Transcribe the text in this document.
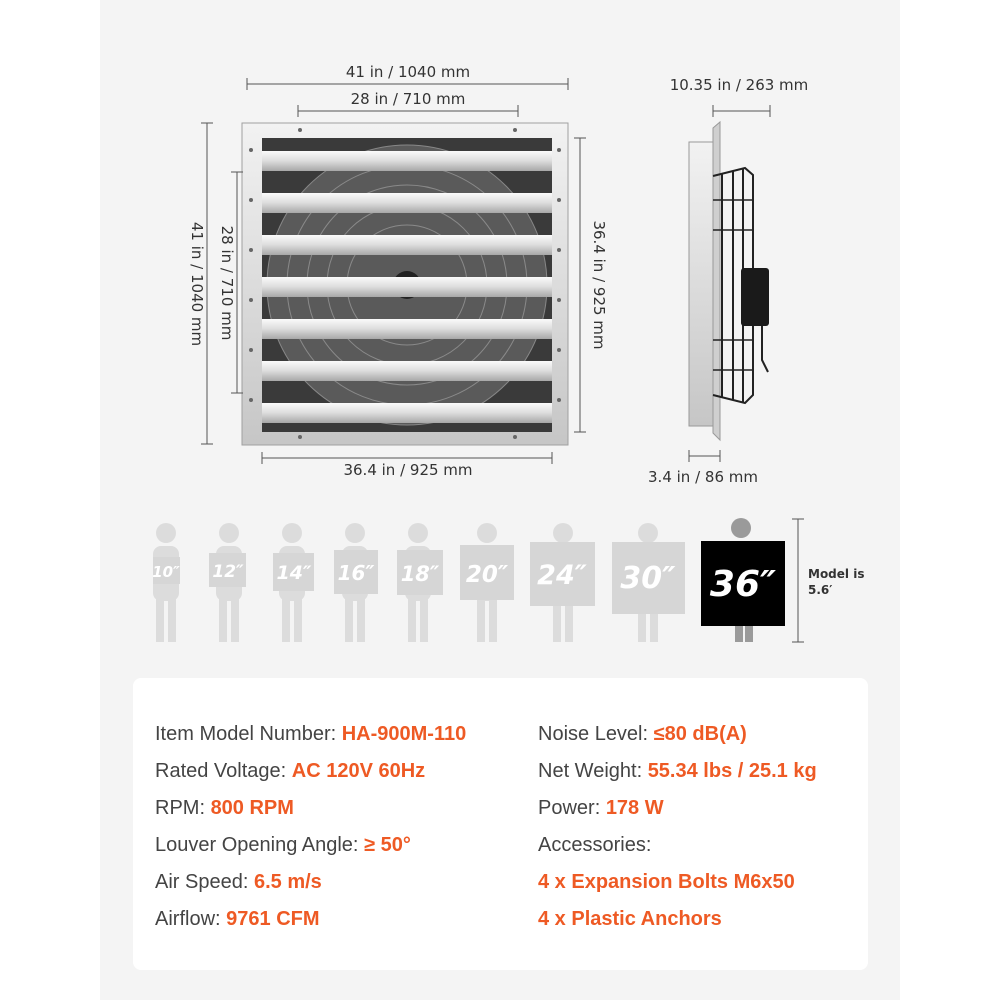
41 in / 1040 mm
28 in / 710 mm
41 in / 1040 mm 28 in / 710 mm	36.4 in / 925 mm
36.4 in / 925 mm
10.35 in / 263 mm
3.4 in / 86 mm
10″ 12″ 14″ 16″ 18″ 20″ 24″ 30″ 36″	Model is
5.6′
Item Model Number: HA-900M-110
Rated Voltage: AC 120V 60Hz
RPM: 800 RPM
Louver Opening Angle: ≥ 50°
Air Speed: 6.5 m/s
Airflow: 9761 CFM
Noise Level: ≤80 dB(A)
Net Weight: 55.34 lbs / 25.1 kg
Power: 178 W
Accessories:
4 x Expansion Bolts M6x50
4 x Plastic Anchors
